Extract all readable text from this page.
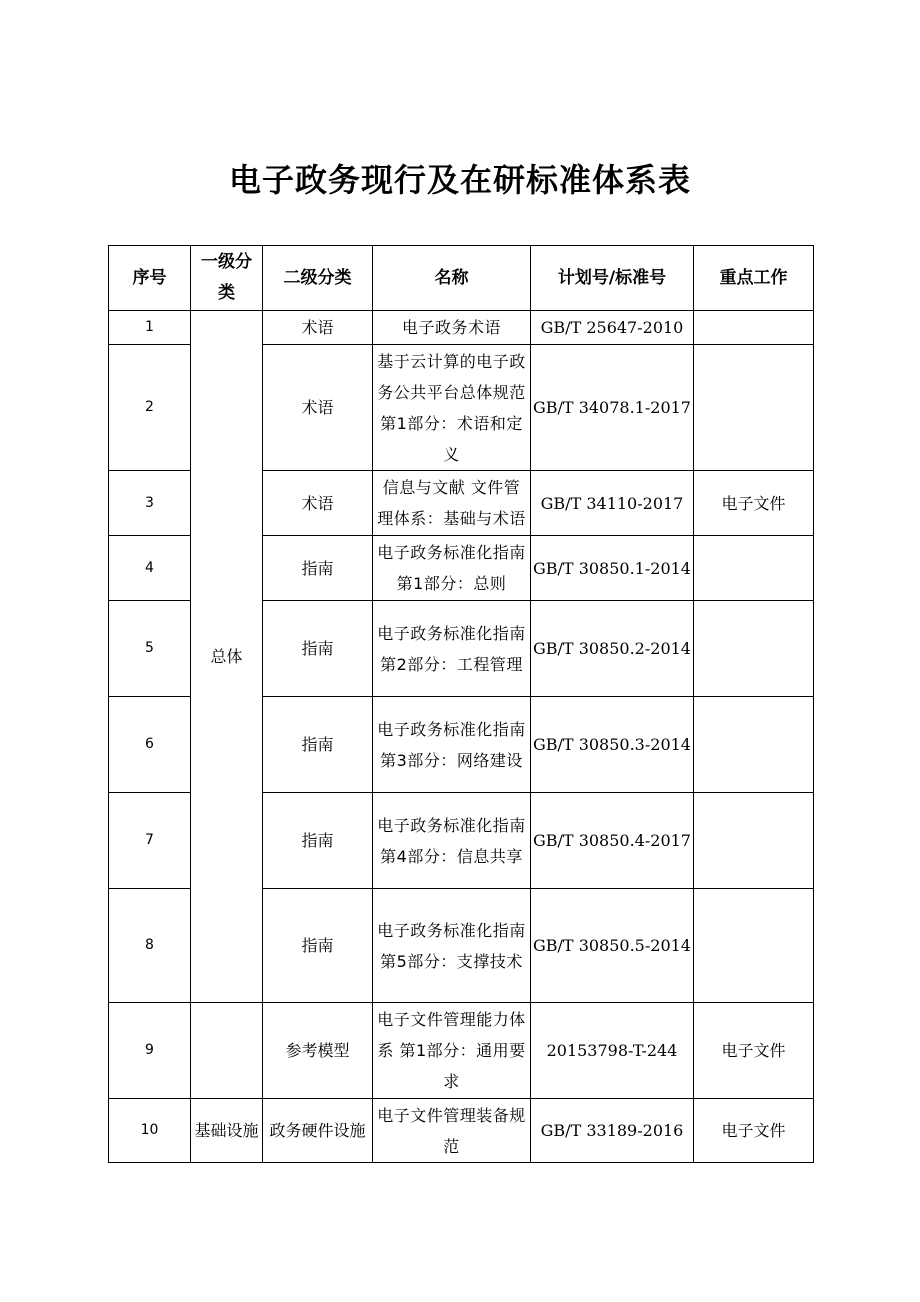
电子政务现行及在研标准体系表
序号	一级分类	二级分类	名称	计划号/标准号	重点工作
1	总体	术语	电子政务术语	GB/T 25647-2010	
2		术语	基于云计算的电子政务公共平台总体规范 第1部分：术语和定义	GB/T 34078.1-2017	
3		术语	信息与文献 文件管理体系：基础与术语	GB/T 34110-2017	电子文件
4		指南	电子政务标准化指南 第1部分：总则	GB/T 30850.1-2014	
5		指南	电子政务标准化指南 第2部分：工程管理	GB/T 30850.2-2014	
6		指南	电子政务标准化指南 第3部分：网络建设	GB/T 30850.3-2014	
7		指南	电子政务标准化指南 第4部分：信息共享	GB/T 30850.4-2017	
8		指南	电子政务标准化指南 第5部分：支撑技术	GB/T 30850.5-2014	
9		参考模型	电子文件管理能力体系 第1部分：通用要求	20153798-T-244	电子文件
10	基础设施	政务硬件设施	电子文件管理装备规范	GB/T 33189-2016	电子文件
